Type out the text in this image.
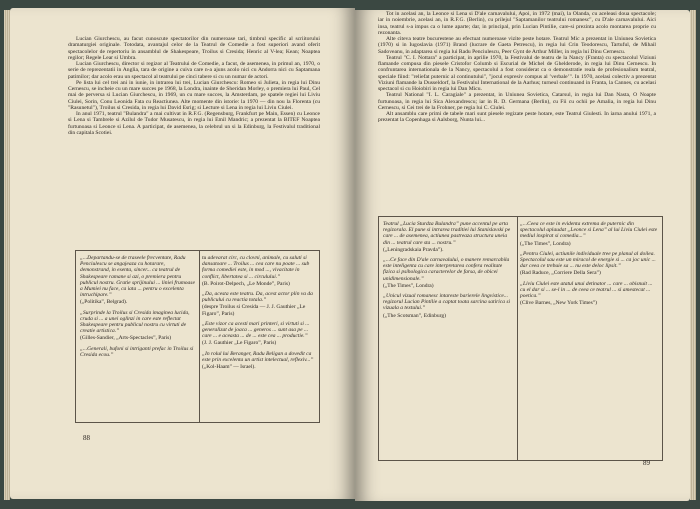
Lucian Giurchescu, au facut cunoscute spectatorilor din numeroase tari, timbrul specific al scriitorului dramaturgiei originale. Totodata, avantajul celor de la Teatrul de Comedie a fost superiori avand oferit spectacolelor de repertoriu in ansamblul de Shakespeare, Troilus si Cresida; Henric al V-lea; Kean; Noaptea regilor; Regele Lear si Umbra.

Lucian Giurchescu, director si regizor al Teatrului de Comedie, a facut, de asemenea, in primul an, 1970, o serie de reprezentatii in Anglia, tara de origine a cuiva care n-a ajuns acolo nici cu Andorra nici cu Saptamana patimilor; dar acolo erau un spectacol al teatrului pe cinci tabere si cu un numar de actori.

Pe lista lui cel trei ani in iunie, in intrarea lui trei, Lucian Giurchescu: Romeo si Julieta, in regia lui Dinu Cernescu, se incheie cu un mare succes pe 1968, la Londra, inainte de Sheridan Morley, o premiera lui Paul, Cel mai de perversa si Lucian Giurchescu, in 1969, un cu mare succes, la Amsterdam, pe spatele regiei lui Liviu Ciulei, Sorin, Conu Leonida Fata cu Reactiunea. Alte momente din istorie: la 1970 — din nou la Florenta (cu "Rasunetul"), Troilus si Cresida, in regia lui David Esrig; si Lecture si Lena in regia lui Liviu Ciulei.

In anul 1971, teatrul "Bulandra" a mai cultivat in R.F.G. (Regensburg, Frankfurt pe Main, Essen) cu Leonce si Lena si Tambrele si Azilul de Tudor Musatescu, in regia lui Emil Mandric; a prezentat la BITEF Noaptea furtunoasa si Leonce si Lena. A participat, de asemenea, la celebrul un si la Edinburg, la Festivalul traditional din capitala Scotiei.

„...Departandu-se de traseele frecventate, Radu Penciulescu se angajeaza cu hotarare, demonstrand, in esenta, sincer... ca teatrul de Shakespeare ramane si azi, o premiera pentru publicul nostru. Gratie sprijinului ... liniei frumoase a Mumiei nu face, ca iata ... pentru o excelenta intruchipare.”

(„Politika”, Belgrad).

„Surprinde la Troilus si Cresida imaginea lucida, cruda si ... a unei oglinzi in care este reflectat Shakespeare pentru publicul nostru cu virtuti de creatie artistica.”

(Gilles-Sandier, „Arts-Spectacles”, Paris)

„...Generali, bufoni si intriganti prefac in Troilus si Cresida ecou.”

tu adevarat circ, cu clovni, animale, cu saluti si dansatoare ... Troilus ... cea care nu poate ... sub forma comediei este, in mod ..., vivacitate in conflict, libertatea si ... circulului.”

(B. Poirot-Delpech, „Le Monde”, Paris)

„Da, acesta este teatru. Da, acest actor plin va da publicului cu reactia totala.”

(despre Troilus si Cresida — J. J. Gauthier „Le Figaro”, Paris)

„Este vizor ca acesti mari printeri, si virtuti si ... generalizat de joaca ... generos ... sunt asa pe ... care ... e aceasta ... de ... este cea ... productie.”

(J. J. Gauthier „Le Figaro”, Paris)

„In rolul lui Beranger, Radu Beligan a dovedit ca este prin excelenta un artist intelectual, reflexiv...”

(„Kol-Haam” — Israel).

88

Tot in acelasi an, la Leonce si Lena si D'ale carnavalului, Apoi, in 1972 (mai), la Olanda, cu aceleasi doua spectacole; iar in noiembrie, acelasi an, in R.F.G. (Berlin), cu prilejul "Saptamanilor teatrului romanesc", cu D'ale carnavalului. Aici insa, teatrul s-a impus ca o lume aparte; dar, in principal, prin Lucian Pintilie, care-si prezinta acolo montarea proprie cu rezonanta.

Alte citeva teatre bucurestene au efectuat numeroase vizite peste hotare. Teatrul Mic a prezentat in Uniunea Sovietica (1970) si in Iugoslavia (1971) Brand (lucrare de Gaeta Petrescu), in regia lui Crin Teodorescu, Tartuful, de Mihail Sadoveanu, in adaptarea si regia lui Radu Penciulescu, Peer Gynt de Arthur Miller, in regia lui Dinu Cernescu.

Teatrul "C. I. Nottara" a participat, in aprilie 1970, la Festivalul de teatru de la Nancy (Franta) cu spectacolul Viziuni flamande compusa din piesele Cristofor Columb si Escurial de Michel de Ghelderode, in regia lui Dinu Cernescu. In confruntarea internationala de la Nancy, spectacolul a fost considerat ca o demonstratie reala de profesionalism teatral, speciale fiind: "reliefat puternic al continutului", "jocul expresiv compus al ’verbale’". In 1970, acelasi colectiv a prezentat Viziuni flamande la Dusseldorf, la Festivalul International de la Aarhus; turneul continuand in Franta, la Cannes, cu acelasi spectacol si cu Hoiobiri in regia lui Dan Micu.

Teatrul National "I. L. Caragiale" a prezentat, in Uniunea Sovietica, Catarsul, in regia lui Dan Nasta, O Noapte furtunoasa, in regia lui Sica Alexandrescu; iar in R. D. Germana (Berlin), cu Fii cu ochii pe Amalia, in regia lui Dinu Cernescu, si Cei trei de la Frohner, pe regia lui C. Ciulei.

Alt ansamblu care primi de tabele mari sunt piesele regizate peste hotare, este Teatrul Giulesti. In iarna anului 1971, a prezentat la Copenhaga si Aalsborg, Nunta lui...

Teatrul „Lucia Sturdza Bulandra” pune accentul pe arta regizorala. El pune si intrarea traditiei lui Stanislavski pe care ... de asemenea, actiunea pastreaza structura uneia din ... teatrul care sta ... nostru.”

(„Leningradskaia Pravda”).

„...Ce face din D'ale carnavalului, o manere remarcabila este inteligenta cu care interpretarea confera realitate fizica si psihologica caracterelor de farsa, de obicei unidimensionale.”

(„The Times”, Londra)

„Unicul vizual romanesc intareste barierele lingvistice... regizorul Lucian Pintilie a captat toata sarcina satirica si vizuala a textului.”

(„The Scotsman”, Edinburg)

„...Ceea ce este in evidenta extrema de puternic din spectacolul aplaudat „Leonce si Lena” al lui Liviu Ciulei este mediul inspirat si comedia...”

(„The Times”, Londra)

„Pentru Ciulei, actiunile individuale tree pe planul al doilea. Spectacolul sau este un miracol de energie si ... ca joc unic ... dar ceea ce trebuie sa ... nu este deloc lipsit.”

(Rad Raduce, „Corriere Della Sera”)

„Liviu Ciulei este atatul unui detinator ... care ... obisnuit ... cu el dar si ... se-l in ... de ceea ce teatrul ... si amestecat ... poetica.”

(Clive Barnes, „New York Times”)

89
